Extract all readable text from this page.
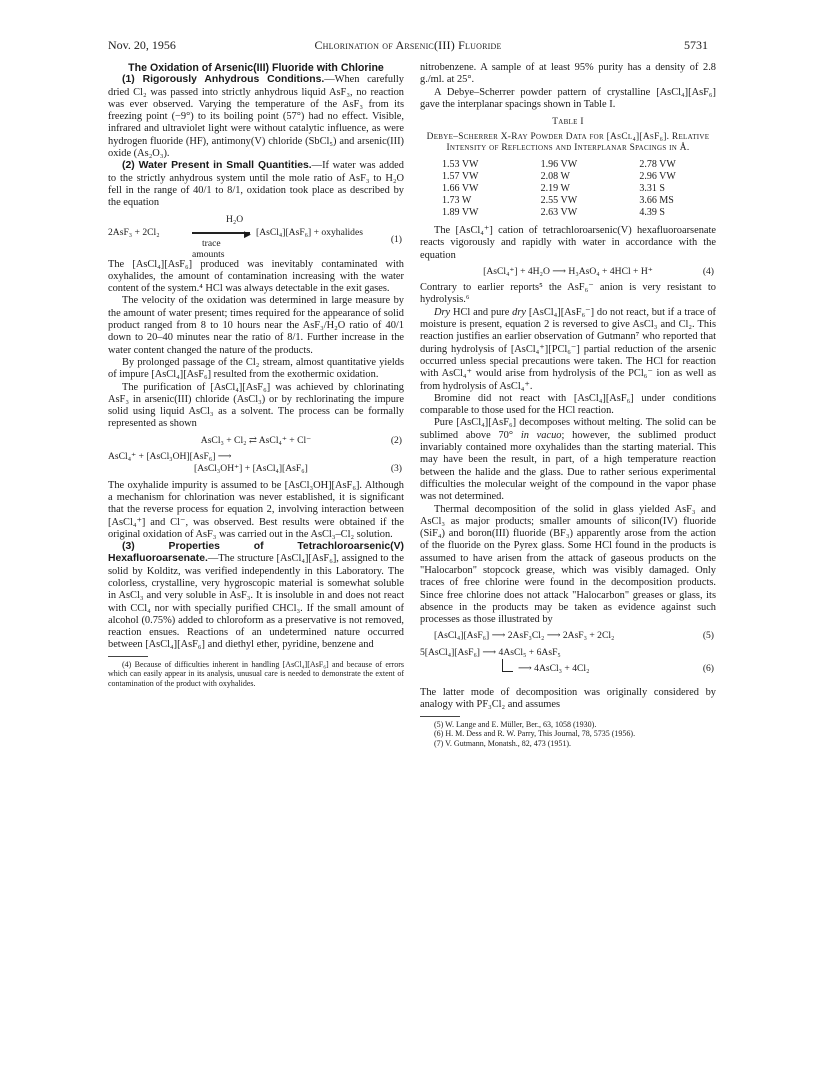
Nov. 20, 1956	Chlorination of Arsenic(III) Fluoride	5731

The Oxidation of Arsenic(III) Fluoride with Chlorine

(1) Rigorously Anhydrous Conditions.—When carefully dried Cl₂ was passed into strictly anhydrous liquid AsF₃, no reaction was ever observed. Varying the temperature of the AsF₃ from its freezing point (−9°) to its boiling point (57°) had no effect. Visible, infrared and ultraviolet light were without catalytic influence, as were hydrogen fluoride (HF), antimony(V) chloride (SbCl₅) and arsenic(III) oxide (As₂O₃).

(2) Water Present in Small Quantities.—If water was added to the strictly anhydrous system until the mole ratio of AsF₃ to H₂O fell in the range of 40/1 to 8/1, oxidation took place as described by the equation

2AsF₃ + 2Cl₂
H₂O
▶ [AsCl₄][AsF₆] + oxyhalides
trace
amounts
(1)

The [AsCl₄][AsF₆] produced was inevitably contaminated with oxyhalides, the amount of contamination increasing with the water content of the system.⁴ HCl was always detectable in the exit gases.

The velocity of the oxidation was determined in large measure by the amount of water present; times required for the appearance of solid product ranged from 8 to 10 hours near the AsF₃/H₂O ratio of 40/1 down to 20–40 minutes near the ratio of 8/1. Further increase in the water content changed the nature of the products.

By prolonged passage of the Cl₂ stream, almost quantitative yields of impure [AsCl₄][AsF₆] resulted from the exothermic oxidation.

The purification of [AsCl₄][AsF₆] was achieved by chlorinating AsF₃ in arsenic(III) chloride (AsCl₃) or by rechlorinating the impure solid using liquid AsCl₃ as a solvent. The process can be formally represented as shown

AsCl₃ + Cl₂ ⇄ AsCl₄⁺ + Cl⁻	(2)
AsCl₄⁺ + [AsCl₃OH][AsF₆] ⟶
[AsCl₃OH⁺] + [AsCl₄][AsF₆]	(3)

The oxyhalide impurity is assumed to be [AsCl₃OH][AsF₆]. Although a mechanism for chlorination was never established, it is significant that the reverse process for equation 2, involving interaction between [AsCl₄⁺] and Cl⁻, was observed. Best results were obtained if the original oxidation of AsF₃ was carried out in the AsCl₃–Cl₂ solution.

(3) Properties of Tetrachloroarsenic(V) Hexafluoroarsenate.—The structure [AsCl₄][AsF₆], assigned to the solid by Kolditz, was verified independently in this Laboratory. The colorless, crystalline, very hygroscopic material is somewhat soluble in AsCl₃ and very soluble in AsF₃. It is insoluble in and does not react with CCl₄ nor with specially purified CHCl₃. If the small amount of alcohol (0.75%) added to chloroform as a preservative is not removed, reaction ensues. Reactions of an undetermined nature occurred between [AsCl₄][AsF₆] and diethyl ether, pyridine, benzene and

(4) Because of difficulties inherent in handling [AsCl₄][AsF₆] and because of errors which can easily appear in its analysis, unusual care is needed to demonstrate the extent of contamination of the product with oxyhalides.

nitrobenzene. A sample of at least 95% purity has a density of 2.8 g./ml. at 25°.

A Debye–Scherrer powder pattern of crystalline [AsCl₄][AsF₆] gave the interplanar spacings shown in Table I.

Table I
Debye–Scherrer X-Ray Powder Data for [AsCl₄][AsF₆]. Relative Intensity of Reflections and Interplanar Spacings in Å.
1.53 VW	1.96 VW	2.78 VW
1.57 VW	2.08 W	2.96 VW
1.66 VW	2.19 W	3.31 S
1.73 W	2.55 VW	3.66 MS
1.89 VW	2.63 VW	4.39 S

The [AsCl₄⁺] cation of tetrachloroarsenic(V) hexafluoroarsenate reacts vigorously and rapidly with water in accordance with the equation

[AsCl₄⁺] + 4H₂O ⟶ H₃AsO₄ + 4HCl + H⁺	(4)

Contrary to earlier reports⁵ the AsF₆⁻ anion is very resistant to hydrolysis.⁶

Dry HCl and pure dry [AsCl₄][AsF₆⁻] do not react, but if a trace of moisture is present, equation 2 is reversed to give AsCl₃ and Cl₂. This reaction justifies an earlier observation of Gutmann⁷ who reported that during hydrolysis of [AsCl₄⁺][PCl₆⁻] partial reduction of the arsenic occurred unless special precautions were taken. The HCl for reaction with AsCl₄⁺ would arise from hydrolysis of the PCl₆⁻ ion as well as from hydrolysis of AsCl₄⁺.

Bromine did not react with [AsCl₄][AsF₆] under conditions comparable to those used for the HCl reaction.

Pure [AsCl₄][AsF₆] decomposes without melting. The solid can be sublimed above 70° in vacuo; however, the sublimed product invariably contained more oxyhalides than the starting material. This may have been the result, in part, of a high temperature reaction between the halide and the glass. Due to rather serious experimental difficulties the molecular weight of the compound in the vapor phase was not determined.

Thermal decomposition of the solid in glass yielded AsF₃ and AsCl₃ as major products; smaller amounts of silicon(IV) fluoride (SiF₄) and boron(III) fluoride (BF₃) apparently arose from the action of the fluoride on the Pyrex glass. Some HCl found in the products is assumed to have arisen from the attack of gaseous products on the "Halocarbon" stopcock grease, which was visibly damaged. Only traces of free chlorine were found in the decomposition products. Since free chlorine does not attack "Halocarbon" greases or glass, its absence in the products may be taken as evidence against such processes as those illustrated by

[AsCl₄][AsF₆] ⟶ 2AsF₃Cl₂ ⟶ 2AsF₃ + 2Cl₂	(5)
5[AsCl₄][AsF₆] ⟶ 4AsCl₅ + 6AsF₅
⟶ 4AsCl₃ + 4Cl₂	(6)

The latter mode of decomposition was originally considered by analogy with PF₃Cl₂ and assumes

(5) W. Lange and E. Müller, Ber., 63, 1058 (1930).

(6) H. M. Dess and R. W. Parry, This Journal, 78, 5735 (1956).

(7) V. Gutmann, Monatsh., 82, 473 (1951).
